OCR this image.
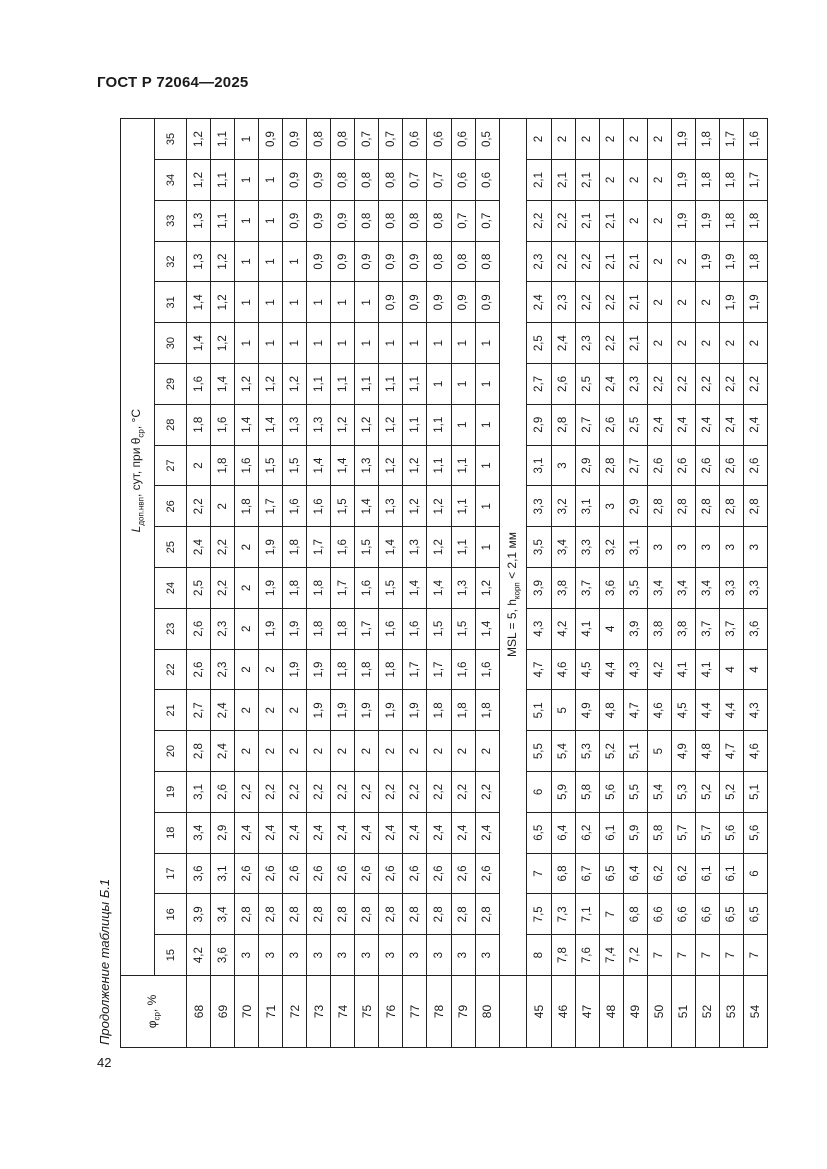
ГОСТ Р 72064—2025
42
Продолжение таблицы Б.1	$\varphi_{ср}$, %	$L_{доп.нвп}$, сут, при $\theta_{ср}$, °С																				
	15	16	17	18	19	20	21	22	23	24	25	26	27	28	29	30	31	32	33	34	35
68	4,2	3,9	3,6	3,4	3,1	2,8	2,7	2,6	2,6	2,5	2,4	2,2	2	1,8	1,6	1,4	1,4	1,3	1,3	1,2	1,2
69	3,6	3,4	3,1	2,9	2,6	2,4	2,4	2,3	2,3	2,2	2,2	2	1,8	1,6	1,4	1,2	1,2	1,2	1,1	1,1	1,1
70	3	2,8	2,6	2,4	2,2	2	2	2	2	2	2	1,8	1,6	1,4	1,2	1	1	1	1	1	1
71	3	2,8	2,6	2,4	2,2	2	2	2	1,9	1,9	1,9	1,7	1,5	1,4	1,2	1	1	1	1	1	0,9
72	3	2,8	2,6	2,4	2,2	2	2	1,9	1,9	1,8	1,8	1,6	1,5	1,3	1,2	1	1	1	0,9	0,9	0,9
73	3	2,8	2,6	2,4	2,2	2	1,9	1,9	1,8	1,8	1,7	1,6	1,4	1,3	1,1	1	1	0,9	0,9	0,9	0,8
74	3	2,8	2,6	2,4	2,2	2	1,9	1,8	1,8	1,7	1,6	1,5	1,4	1,2	1,1	1	1	0,9	0,9	0,8	0,8
75	3	2,8	2,6	2,4	2,2	2	1,9	1,8	1,7	1,6	1,5	1,4	1,3	1,2	1,1	1	1	0,9	0,8	0,8	0,7
76	3	2,8	2,6	2,4	2,2	2	1,9	1,8	1,6	1,5	1,4	1,3	1,2	1,2	1,1	1	0,9	0,9	0,8	0,8	0,7
77	3	2,8	2,6	2,4	2,2	2	1,9	1,7	1,6	1,4	1,3	1,2	1,2	1,1	1,1	1	0,9	0,9	0,8	0,7	0,6
78	3	2,8	2,6	2,4	2,2	2	1,8	1,7	1,5	1,4	1,2	1,2	1,1	1,1	1	1	0,9	0,8	0,8	0,7	0,6
79	3	2,8	2,6	2,4	2,2	2	1,8	1,6	1,5	1,3	1,1	1,1	1,1	1	1	1	0,9	0,8	0,7	0,6	0,6
80	3	2,8	2,6	2,4	2,2	2	1,8	1,6	1,4	1,2	1	1	1	1	1	1	0,9	0,8	0,7	0,6	0,5
	MSL = 5, $h_{корп} < 2,1$ мм																				
45	8	7,5	7	6,5	6	5,5	5,1	4,7	4,3	3,9	3,5	3,3	3,1	2,9	2,7	2,5	2,4	2,3	2,2	2,1	2
46	7,8	7,3	6,8	6,4	5,9	5,4	5	4,6	4,2	3,8	3,4	3,2	3	2,8	2,6	2,4	2,3	2,2	2,2	2,1	2
47	7,6	7,1	6,7	6,2	5,8	5,3	4,9	4,5	4,1	3,7	3,3	3,1	2,9	2,7	2,5	2,3	2,2	2,2	2,1	2,1	2
48	7,4	7	6,5	6,1	5,6	5,2	4,8	4,4	4	3,6	3,2	3	2,8	2,6	2,4	2,2	2,2	2,1	2,1	2	2
49	7,2	6,8	6,4	5,9	5,5	5,1	4,7	4,3	3,9	3,5	3,1	2,9	2,7	2,5	2,3	2,1	2,1	2,1	2	2	2
50	7	6,6	6,2	5,8	5,4	5	4,6	4,2	3,8	3,4	3	2,8	2,6	2,4	2,2	2	2	2	2	2	2
51	7	6,6	6,2	5,7	5,3	4,9	4,5	4,1	3,8	3,4	3	2,8	2,6	2,4	2,2	2	2	2	1,9	1,9	1,9
52	7	6,6	6,1	5,7	5,2	4,8	4,4	4,1	3,7	3,4	3	2,8	2,6	2,4	2,2	2	2	1,9	1,9	1,8	1,8
53	7	6,5	6,1	5,6	5,2	4,7	4,4	4	3,7	3,3	3	2,8	2,6	2,4	2,2	2	1,9	1,9	1,8	1,8	1,7
54	7	6,5	6	5,6	5,1	4,6	4,3	4	3,6	3,3	3	2,8	2,6	2,4	2,2	2	1,9	1,8	1,8	1,7	1,6
